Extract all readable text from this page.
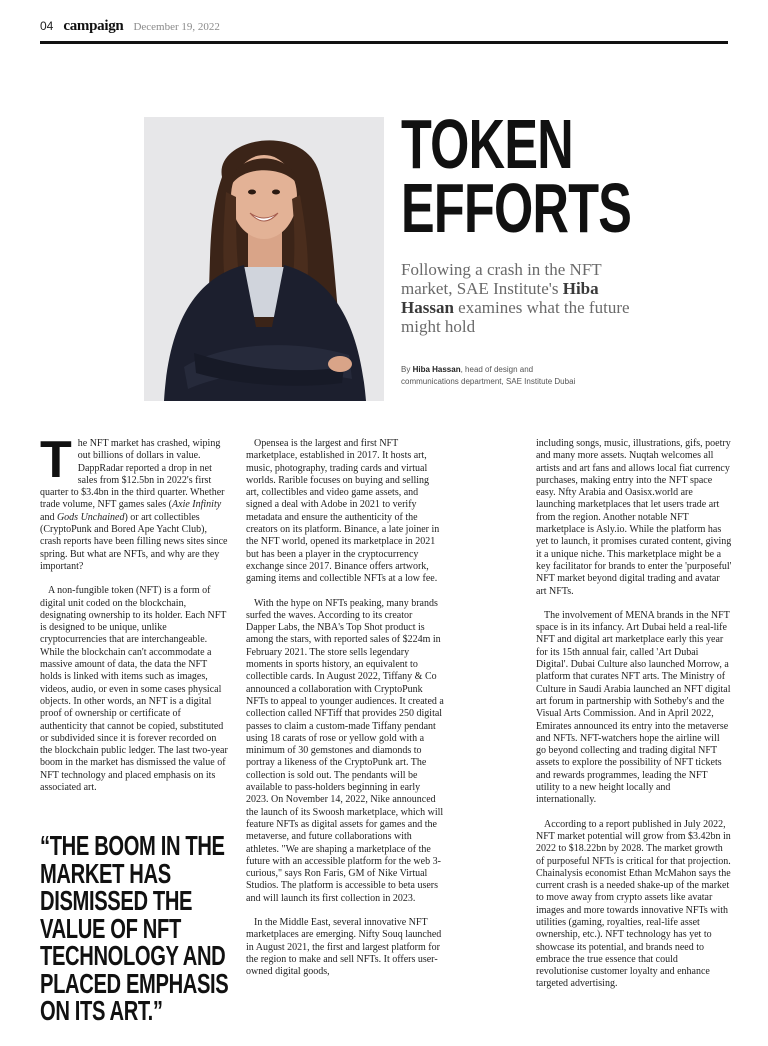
04 campaign December 19, 2022
TOKEN
EFFORTS

Following a crash in the NFT market, SAE Institute's Hiba Hassan examines what the future might hold

By Hiba Hassan, head of design and communications department, SAE Institute Dubai

The NFT market has crashed, wiping out billions of dollars in value. DappRadar reported a drop in net sales from $12.5bn in 2022's first quarter to $3.4bn in the third quarter. Whether trade volume, NFT games sales (Axie Infinity and Gods Unchained) or art collectibles (CryptoPunk and Bored Ape Yacht Club), crash reports have been filling news sites since spring. But what are NFTs, and why are they important?

A non-fungible token (NFT) is a form of digital unit coded on the blockchain, designating ownership to its holder. Each NFT is designed to be unique, unlike cryptocurrencies that are interchangeable. While the blockchain can't accommodate a massive amount of data, the data the NFT holds is linked with items such as images, videos, audio, or even in some cases physical objects. In other words, an NFT is a digital proof of ownership or certificate of authenticity that cannot be copied, substituted or subdivided since it is forever recorded on the blockchain public ledger. The last two-year boom in the market has dismissed the value of NFT technology and placed emphasis on its associated art.

“THE BOOM IN THE MARKET HAS DISMISSED THE VALUE OF NFT TECHNOLOGY AND PLACED EMPHASIS ON ITS ART.”

Opensea is the largest and first NFT marketplace, established in 2017. It hosts art, music, photography, trading cards and virtual worlds. Rarible focuses on buying and selling art, collectibles and video game assets, and signed a deal with Adobe in 2021 to verify metadata and ensure the authenticity of the creators on its platform. Binance, a late joiner in the NFT world, opened its marketplace in 2021 but has been a player in the cryptocurrency exchange since 2017. Binance offers artwork, gaming items and collectible NFTs at a low fee.

With the hype on NFTs peaking, many brands surfed the waves. According to its creator Dapper Labs, the NBA's Top Shot product is among the stars, with reported sales of $224m in February 2021. The store sells legendary moments in sports history, an equivalent to collectible cards. In August 2022, Tiffany & Co announced a collaboration with CryptoPunk NFTs to appeal to younger audiences. It created a collection called NFTiff that provides 250 digital passes to claim a custom-made Tiffany pendant using 18 carats of rose or yellow gold with a minimum of 30 gemstones and diamonds to portray a likeness of the CryptoPunk art. The collection is sold out. The pendants will be available to pass-holders beginning in early 2023. On November 14, 2022, Nike announced the launch of its Swoosh marketplace, which will feature NFTs as digital assets for games and the metaverse, and future collaborations with athletes. "We are shaping a marketplace of the future with an accessible platform for the web 3-curious," says Ron Faris, GM of Nike Virtual Studios. The platform is accessible to beta users and will launch its first collection in 2023.

In the Middle East, several innovative NFT marketplaces are emerging. Nifty Souq launched in August 2021, the first and largest platform for the region to make and sell NFTs. It offers user-owned digital goods,

including songs, music, illustrations, gifs, poetry and many more assets. Nuqtah welcomes all artists and art fans and allows local fiat currency purchases, making entry into the NFT space easy. Nfty Arabia and Oasisx.world are launching marketplaces that let users trade art from the region. Another notable NFT marketplace is Asly.io. While the platform has yet to launch, it promises curated content, giving it a unique niche. This marketplace might be a key facilitator for brands to enter the 'purposeful' NFT market beyond digital trading and avatar art NFTs.

The involvement of MENA brands in the NFT space is in its infancy. Art Dubai held a real-life NFT and digital art marketplace early this year for its 15th annual fair, called 'Art Dubai Digital'. Dubai Culture also launched Morrow, a platform that curates NFT arts. The Ministry of Culture in Saudi Arabia launched an NFT digital art forum in partnership with Sotheby's and the Visual Arts Commission. And in April 2022, Emirates announced its entry into the metaverse and NFTs. NFT-watchers hope the airline will go beyond collecting and trading digital NFT assets to explore the possibility of NFT tickets and rewards programmes, leading the NFT utility to a new height locally and internationally.

According to a report published in July 2022, NFT market potential will grow from $3.42bn in 2022 to $18.22bn by 2028. The market growth of purposeful NFTs is critical for that projection. Chainalysis economist Ethan McMahon says the current crash is a needed shake-up of the market to move away from crypto assets like avatar images and more towards innovative NFTs with utilities (gaming, royalties, real-life asset ownership, etc.). NFT technology has yet to showcase its potential, and brands need to embrace the true essence that could revolutionise customer loyalty and enhance targeted advertising.
